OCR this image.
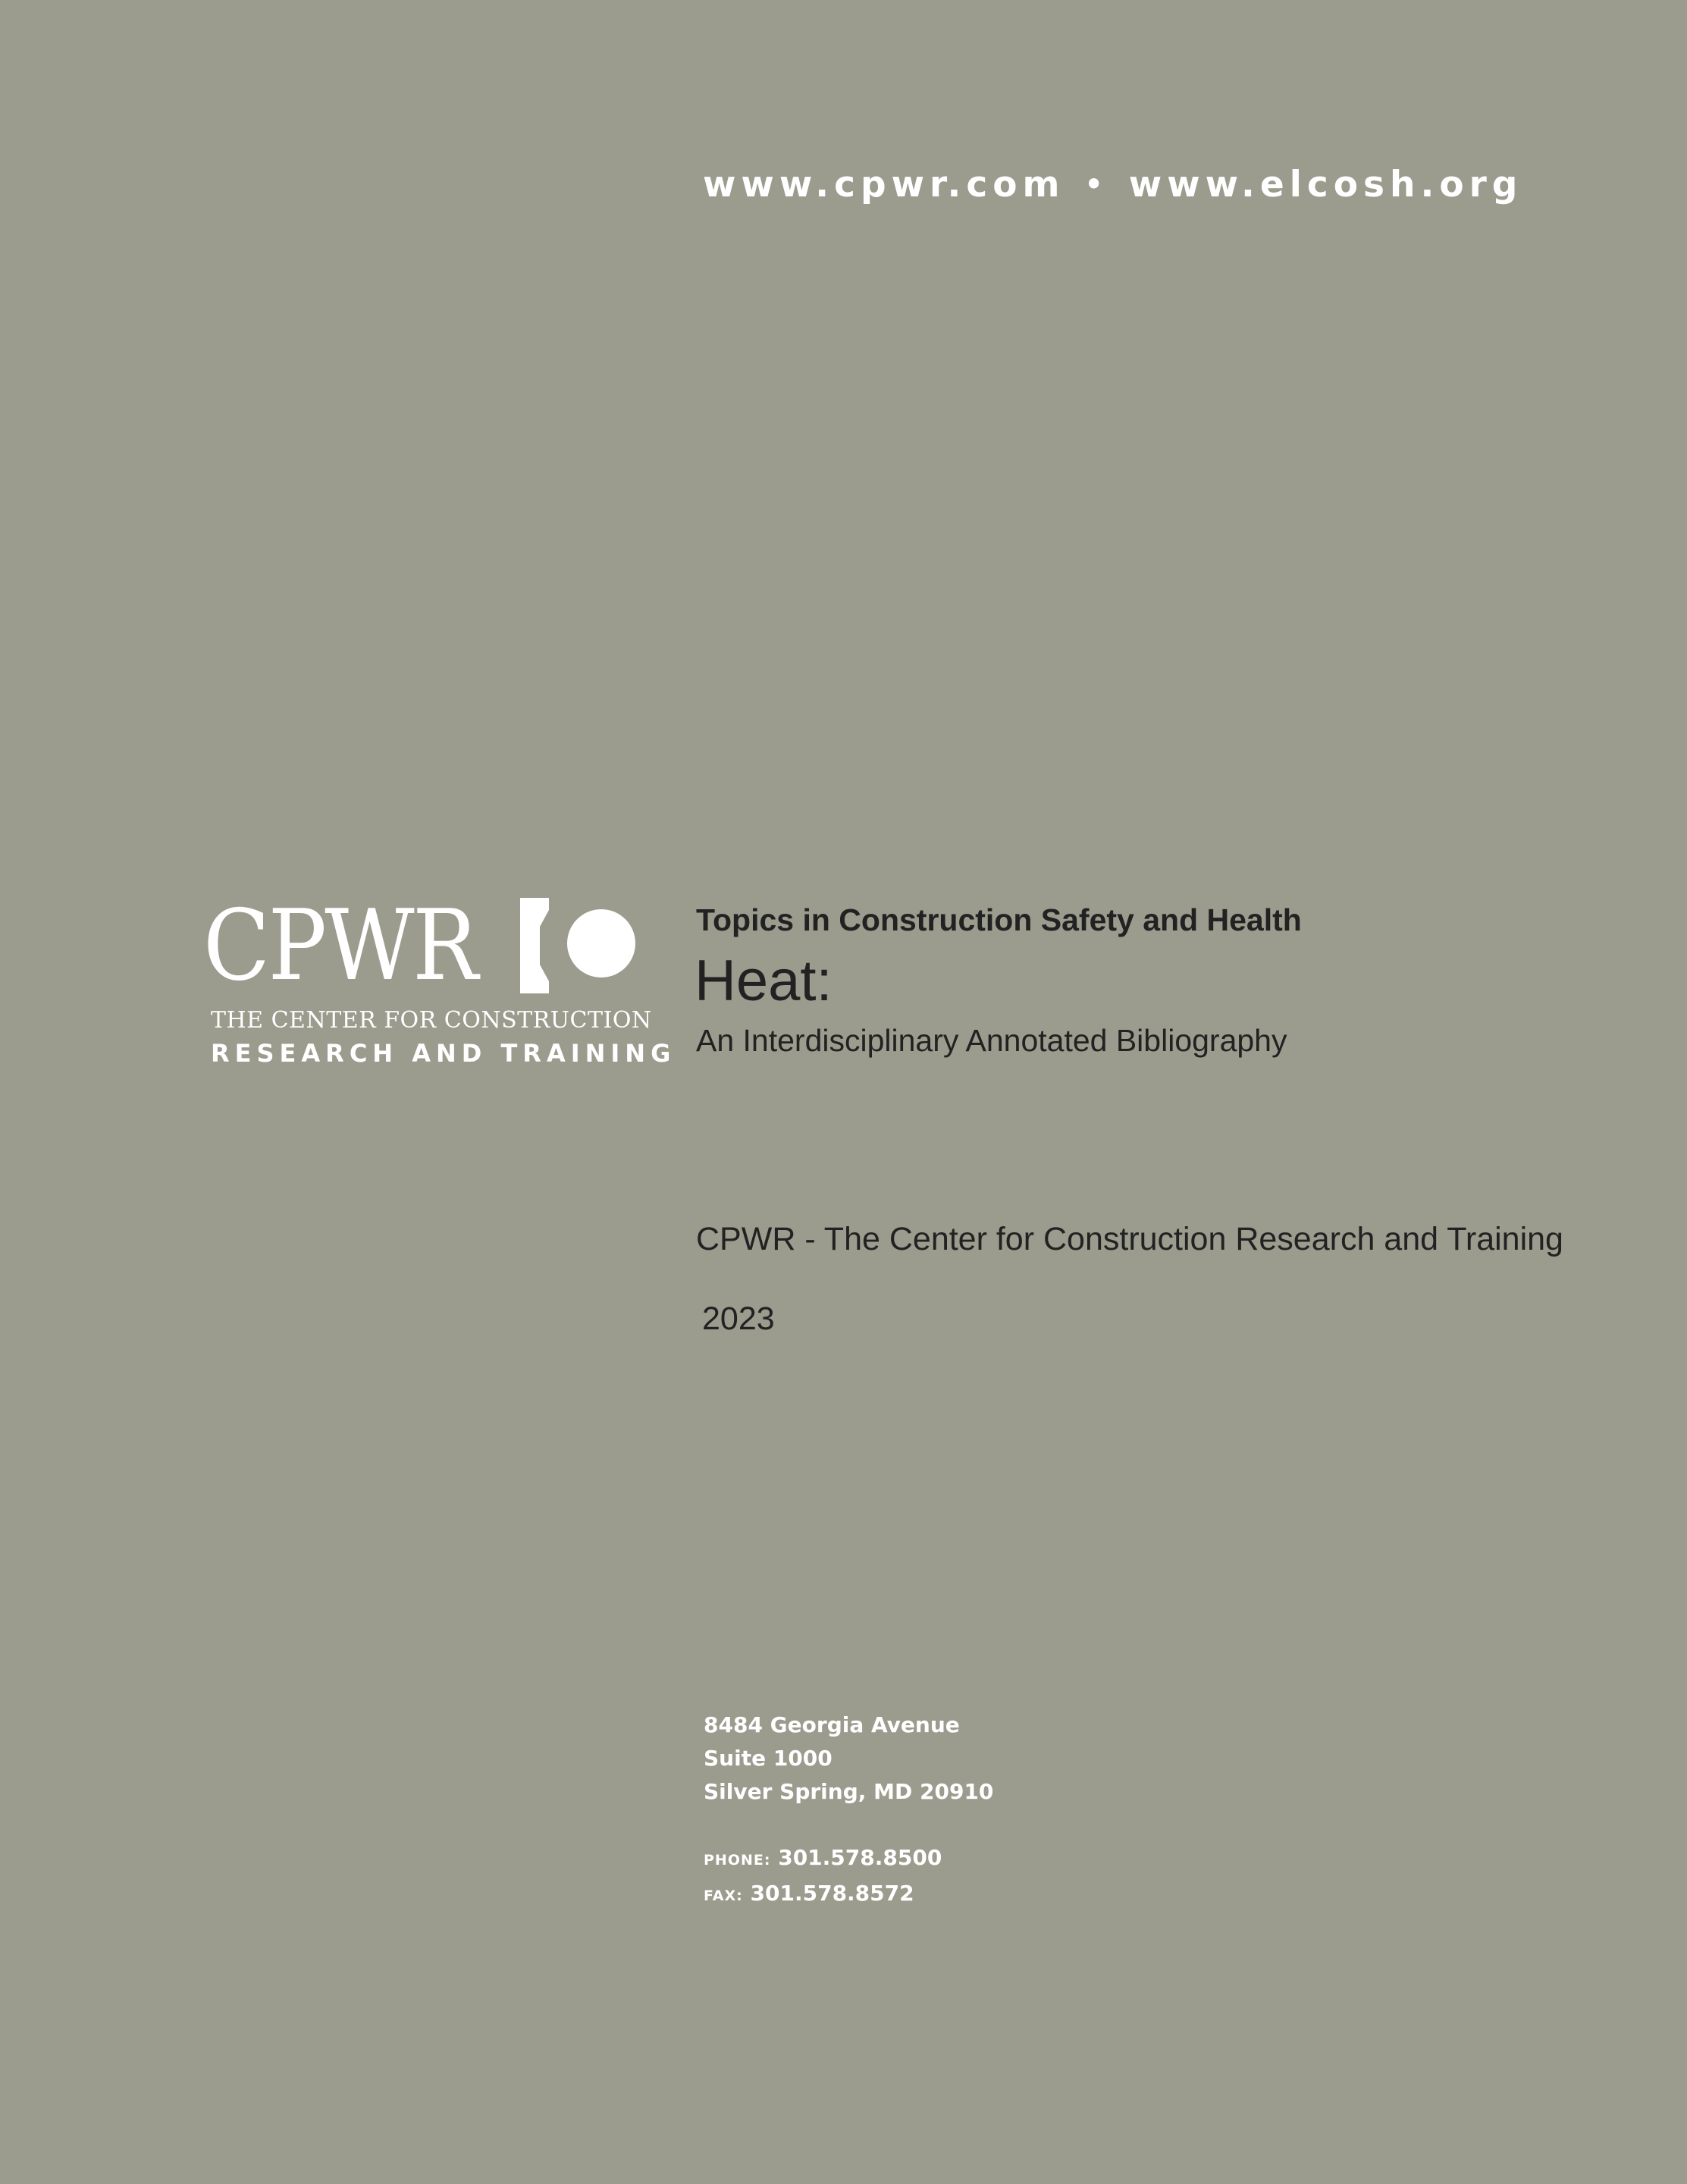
www.cpwr.com • www.elcosh.org
CPWR
THE CENTER FOR CONSTRUCTION
RESEARCH AND TRAINING
Topics in Construction Safety and Health
Heat:
An Interdisciplinary Annotated Bibliography
CPWR - The Center for Construction Research and Training
2023
8484 Georgia Avenue
Suite 1000
Silver Spring, MD 20910
PHONE: 301.578.8500
FAX: 301.578.8572
